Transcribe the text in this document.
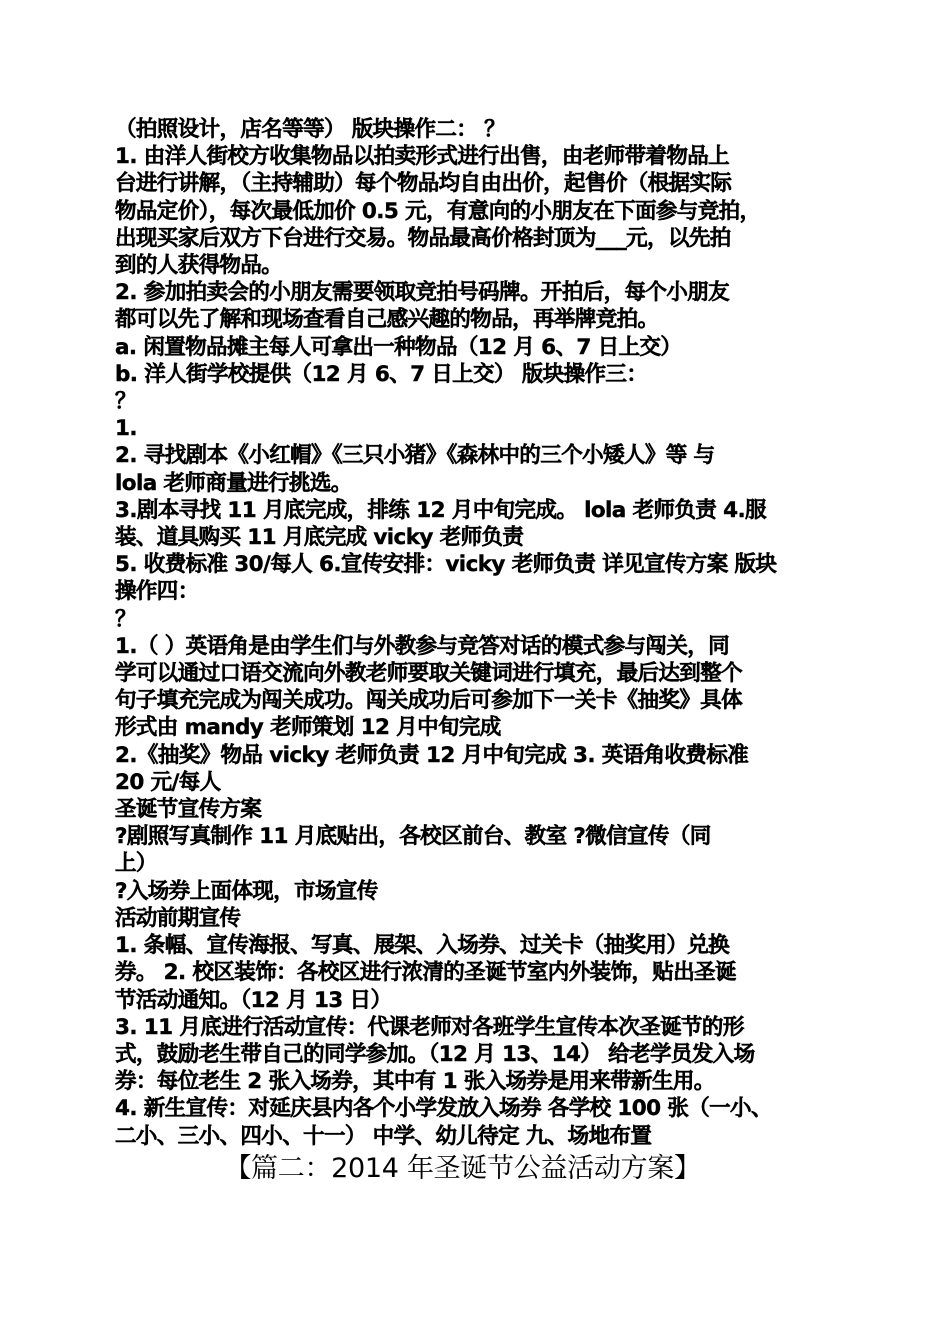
（拍照设计，店名等等） 版块操作二： ？
1. 由洋人街校方收集物品以拍卖形式进行出售，由老师带着物品上
台进行讲解，（主持辅助）每个物品均自由出价，起售价（根据实际
物品定价），每次最低加价 0.5 元，有意向的小朋友在下面参与竞拍，
出现买家后双方下台进行交易。物品最高价格封顶为___元，以先拍
到的人获得物品。
2. 参加拍卖会的小朋友需要领取竞拍号码牌。开拍后，每个小朋友
都可以先了解和现场查看自己感兴趣的物品，再举牌竞拍。
a. 闲置物品摊主每人可拿出一种物品（12 月 6、7 日上交）
b. 洋人街学校提供（12 月 6、7 日上交） 版块操作三：
？
1.
2. 寻找剧本《小红帽》《三只小猪》《森林中的三个小矮人》等 与
lola 老师商量进行挑选。
3.剧本寻找 11 月底完成，排练 12 月中旬完成。 lola 老师负责 4.服
装、道具购买 11 月底完成 vicky 老师负责
5. 收费标准 30/每人 6.宣传安排：vicky 老师负责 详见宣传方案 版块
操作四：
？
1.（ ）英语角是由学生们与外教参与竞答对话的模式参与闯关，同
学可以通过口语交流向外教老师要取关键词进行填充，最后达到整个
句子填充完成为闯关成功。闯关成功后可参加下一关卡《抽奖》具体
形式由 mandy 老师策划 12 月中旬完成
2.《抽奖》物品 vicky 老师负责 12 月中旬完成 3. 英语角收费标准
20 元/每人
圣诞节宣传方案
?剧照写真制作 11 月底贴出，各校区前台、教室 ?微信宣传（同
上）
?入场券上面体现，市场宣传
活动前期宣传
1. 条幅、宣传海报、写真、展架、入场券、过关卡（抽奖用）兑换
券。 2. 校区装饰：各校区进行浓清的圣诞节室内外装饰，贴出圣诞
节活动通知。（12 月 13 日）
3. 11 月底进行活动宣传：代课老师对各班学生宣传本次圣诞节的形
式，鼓励老生带自己的同学参加。（12 月 13、14） 给老学员发入场
券：每位老生 2 张入场券，其中有 1 张入场券是用来带新生用。
4. 新生宣传：对延庆县内各个小学发放入场券 各学校 100 张（一小、
二小、三小、四小、十一） 中学、幼儿待定 九、场地布置
【篇二：2014 年圣诞节公益活动方案】
